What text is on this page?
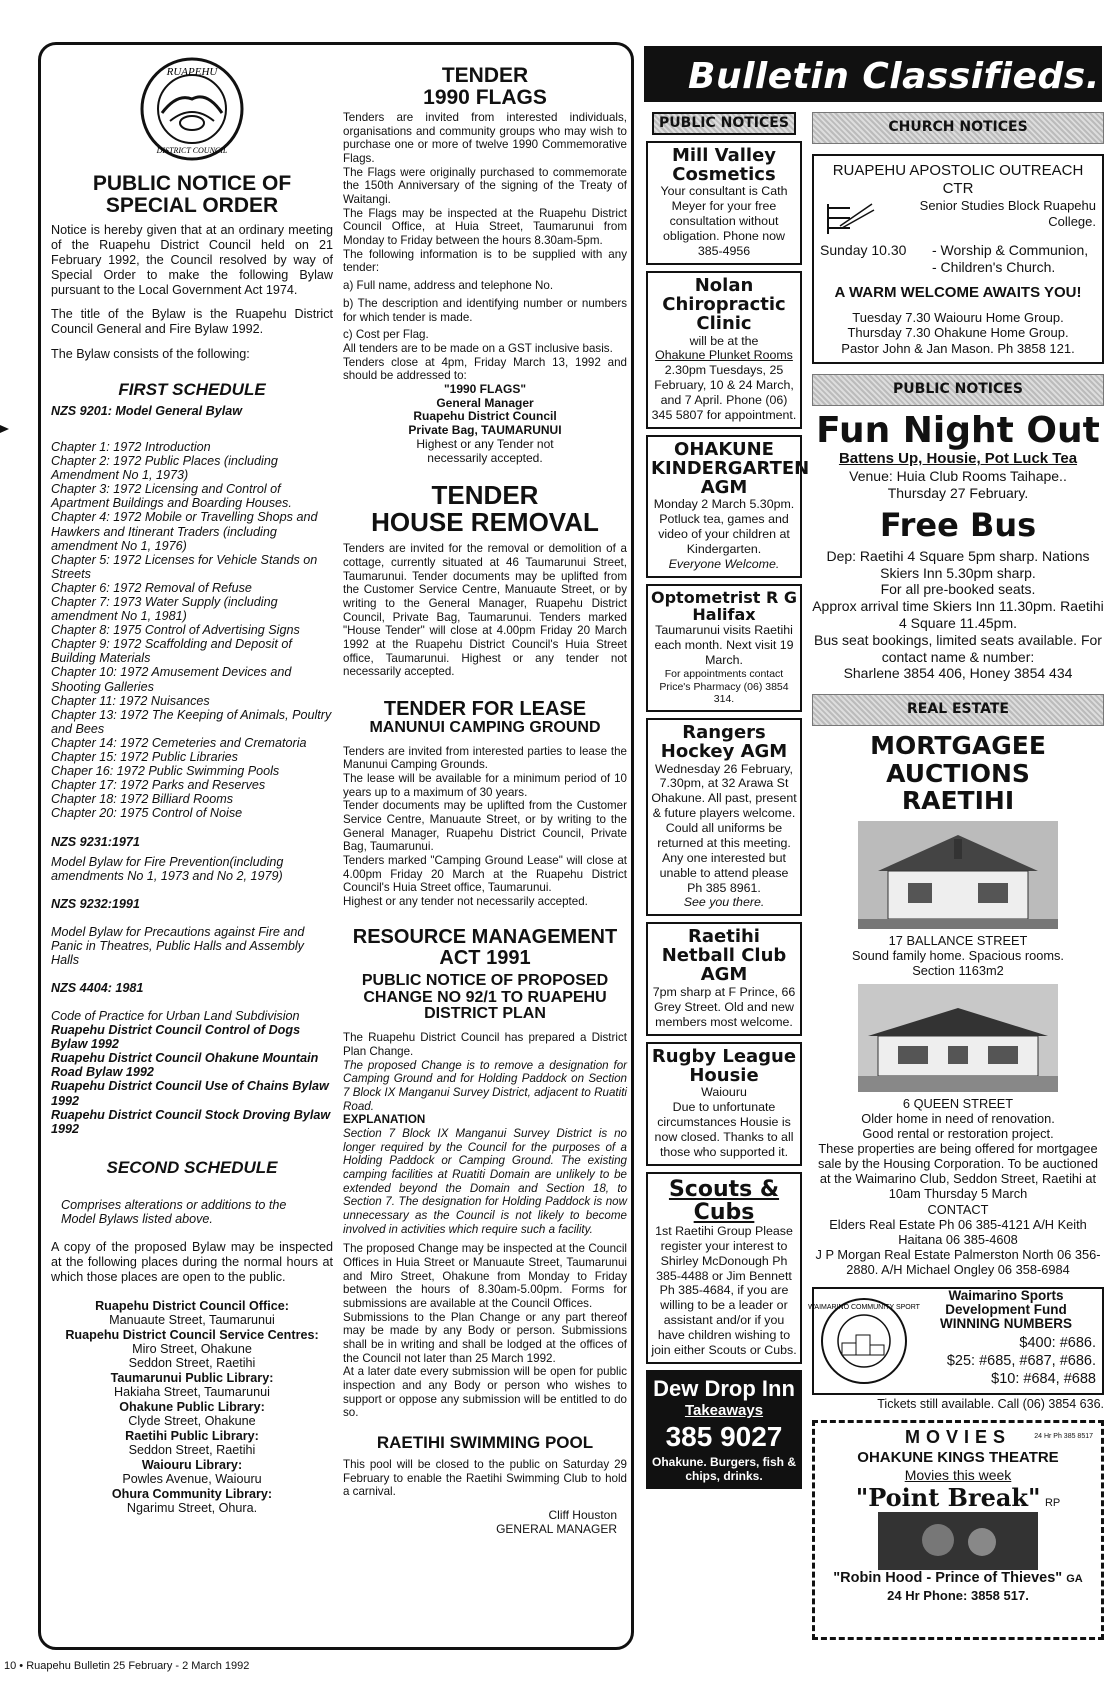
RUAPEHU
DISTRICT COUNCIL

PUBLIC NOTICE OF SPECIAL ORDER

Notice is hereby given that at an ordinary meeting of the Ruapehu District Council held on 21 February 1992, the Council resolved by way of Special Order to make the following Bylaw pursuant to the Local Government Act 1974.

The title of the Bylaw is the Ruapehu District Council General and Fire Bylaw 1992.

The Bylaw consists of the following:

FIRST SCHEDULE

NZS 9201: Model General Bylaw

Chapter 1: 1972 Introduction

Chapter 2: 1972 Public Places (including Amendment No 1, 1973)

Chapter 3: 1972 Licensing and Control of Apartment Buildings and Boarding Houses.

Chapter 4: 1972 Mobile or Travelling Shops and Hawkers and Itinerant Traders (including amendment No 1, 1976)

Chapter 5: 1972 Licenses for Vehicle Stands on Streets

Chapter 6: 1972 Removal of Refuse

Chapter 7: 1973 Water Supply (including amendment No 1, 1981)

Chapter 8: 1975 Control of Advertising Signs

Chapter 9: 1972 Scaffolding and Deposit of Building Materials

Chapter 10: 1972 Amusement Devices and Shooting Galleries

Chapter 11: 1972 Nuisances

Chapter 13: 1972 The Keeping of Animals, Poultry and Bees

Chapter 14: 1972 Cemeteries and Crematoria

Chapter 15: 1972 Public Libraries

Chaper 16: 1972 Public Swimming Pools

Chapter 17: 1972 Parks and Reserves

Chapter 18: 1972 Billiard Rooms

Chapter 20: 1975 Control of Noise

NZS 9231:1971

Model Bylaw for Fire Prevention(including amendments No 1, 1973 and No 2, 1979)

NZS 9232:1991

Model Bylaw for Precautions against Fire and Panic in Theatres, Public Halls and Assembly Halls

NZS 4404: 1981

Code of Practice for Urban Land Subdivision

Ruapehu District Council Control of Dogs Bylaw 1992

Ruapehu District Council Ohakune Mountain Road Bylaw 1992

Ruapehu District Council Use of Chains Bylaw 1992

Ruapehu District Council Stock Droving Bylaw 1992

SECOND SCHEDULE

Comprises alterations or additions to the Model Bylaws listed above.

A copy of the proposed Bylaw may be inspected at the following places during the normal hours at which those places are open to the public.

Ruapehu District Council Office:

Manuaute Street, Taumarunui

Ruapehu District Council Service Centres:

Miro Street, Ohakune

Seddon Street, Raetihi

Taumarunui Public Library:

Hakiaha Street, Taumarunui

Ohakune Public Library:

Clyde Street, Ohakune

Raetihi Public Library:

Seddon Street, Raetihi

Waiouru Library:

Powles Avenue, Waiouru

Ohura Community Library:

Ngarimu Street, Ohura.

TENDER

1990 FLAGS

Tenders are invited from interested individuals, organisations and community groups who may wish to purchase one or more of twelve 1990 Commemorative Flags.

The Flags were originally purchased to commemorate the 150th Anniversary of the signing of the Treaty of Waitangi.

The Flags may be inspected at the Ruapehu District Council Office, at Huia Street, Taumarunui from Monday to Friday between the hours 8.30am-5pm.

The following information is to be supplied with any tender:

a) Full name, address and telephone No.

b) The description and identifying number or numbers for which tender is made.

c) Cost per Flag.

All tenders are to be made on a GST inclusive basis.

Tenders close at 4pm, Friday March 13, 1992 and should be addressed to:

"1990 FLAGS"

General Manager

Ruapehu District Council

Private Bag, TAUMARUNUI

Highest or any Tender not necessarily accepted.

TENDER

HOUSE REMOVAL

Tenders are invited for the removal or demolition of a cottage, currently situated at 46 Taumarunui Street, Taumarunui. Tender documents may be uplifted from the Customer Service Centre, Manuaute Street, or by writing to the General Manager, Ruapehu District Council, Private Bag, Taumarunui. Tenders marked "House Tender" will close at 4.00pm Friday 20 March 1992 at the Ruapehu District Council's Huia Street office, Taumarunui. Highest or any tender not necessarily accepted.

TENDER FOR LEASE

MANUNUI CAMPING GROUND

Tenders are invited from interested parties to lease the Manunui Camping Grounds.

The lease will be available for a minimum period of 10 years up to a maximum of 30 years.

Tender documents may be uplifted from the Customer Service Centre, Manuaute Street, or by writing to the General Manager, Ruapehu District Council, Private Bag, Taumarunui.

Tenders marked "Camping Ground Lease" will close at 4.00pm Friday 20 March at the Ruapehu District Council's Huia Street office, Taumarunui.

Highest or any tender not necessarily accepted.

RESOURCE MANAGEMENT ACT 1991

PUBLIC NOTICE OF PROPOSED CHANGE NO 92/1 TO RUAPEHU DISTRICT PLAN

The Ruapehu District Council has prepared a District Plan Change.

The proposed Change is to remove a designation for Camping Ground and for Holding Paddock on Section 7 Block IX Manganui Survey District, adjacent to Ruatiti Road.

EXPLANATION

Section 7 Block IX Manganui Survey District is no longer required by the Council for the purposes of a Holding Paddock or Camping Ground. The existing camping facilities at Ruatiti Domain are unlikely to be extended beyond the Domain and Section 18, to Section 7. The designation for Holding Paddock is now unnecessary as the Council is not likely to become involved in activities which require such a facility.

The proposed Change may be inspected at the Council Offices in Huia Street or Manuaute Street, Taumarunui and Miro Street, Ohakune from Monday to Friday between the hours of 8.30am-5.00pm. Forms for submissions are available at the Council Offices.

Submissions to the Plan Change or any part thereof may be made by any Body or person. Submissions shall be in writing and shall be lodged at the offices of the Council not later than 25 March 1992.

At a later date every submission will be open for public inspection and any Body or person who wishes to support or oppose any submission will be entitled to do so.

RAETIHI SWIMMING POOL

This pool will be closed to the public on Saturday 29 February to enable the Raetihi Swimming Club to hold a carnival.

Cliff Houston

GENERAL MANAGER

10 • Ruapehu Bulletin 25 February - 2 March 1992
Bulletin Classifieds.
PUBLIC NOTICES

Mill Valley Cosmetics

Your consultant is Cath Meyer for your free consultation without obligation. Phone now 385-4956

Nolan Chiropractic Clinic

will be at the

Ohakune Plunket Rooms

2.30pm Tuesdays, 25 February, 10 & 24 March, and 7 April. Phone (06) 345 5807 for appointment.

OHAKUNE KINDERGARTEN AGM

Monday 2 March 5.30pm. Potluck tea, games and video of your children at Kindergarten.

Everyone Welcome.

Optometrist R G Halifax

Taumarunui visits Raetihi each month. Next visit 19 March.

For appointments contact Price's Pharmacy (06) 3854 314.

Rangers Hockey AGM

Wednesday 26 February, 7.30pm, at 32 Arawa St Ohakune. All past, present & future players welcome. Could all uniforms be returned at this meeting. Any one interested but unable to attend please Ph 385 8961.

See you there.

Raetihi Netball Club AGM

7pm sharp at F Prince, 66 Grey Street. Old and new members most welcome.

Rugby League Housie

Waiouru

Due to unfortunate circumstances Housie is now closed. Thanks to all those who supported it.

Scouts & Cubs

1st Raetihi Group Please register your interest to Shirley McDonough Ph 385-4488 or Jim Bennett Ph 385-4684, if you are willing to be a leader or assistant and/or if you have children wishing to join either Scouts or Cubs.

Dew Drop Inn

Takeaways

385 9027

Ohakune. Burgers, fish & chips, drinks.

CHURCH NOTICES

RUAPEHU APOSTOLIC OUTREACH CTR

Senior Studies Block Ruapehu College.

Sunday 10.30	- Worship & Communion,

- Children's Church.

A WARM WELCOME AWAITS YOU!

Tuesday 7.30 Waiouru Home Group.

Thursday 7.30 Ohakune Home Group.

Pastor John & Jan Mason. Ph 3858 121.

PUBLIC NOTICES

Fun Night Out

Battens Up, Housie, Pot Luck Tea

Venue: Huia Club Rooms Taihape..

Thursday 27 February.

Free Bus

Dep: Raetihi 4 Square 5pm sharp. Nations Skiers Inn 5.30pm sharp.

For all pre-booked seats.

Approx arrival time Skiers Inn 11.30pm. Raetihi 4 Square 11.45pm.

Bus seat bookings, limited seats available. For contact name & number:

Sharlene 3854 406, Honey 3854 434

REAL ESTATE

MORTGAGEE AUCTIONS RAETIHI

17 BALLANCE STREET

Sound family home. Spacious rooms. Section 1163m2

6 QUEEN STREET

Older home in need of renovation. Good rental or restoration project.

These properties are being offered for mortgagee sale by the Housing Corporation. To be auctioned at the Waimarino Club, Seddon Street, Raetihi at 10am Thursday 5 March

CONTACT

Elders Real Estate Ph 06 385-4121 A/H Keith Haitana 06 385-4608

J P Morgan Real Estate Palmerston North 06 356-2880. A/H Michael Ongley 06 358-6984

WAIMARINO COMMUNITY SPORT

Waimarino Sports Development Fund WINNING NUMBERS

$400: #686.

$25: #685, #687, #686.

$10: #684, #688

Tickets still available. Call (06) 3854 636.

MOVIES	24 Hr Ph 385 8517

OHAKUNE KINGS THEATRE

Movies this week

"Point Break" RP

"Robin Hood - Prince of Thieves" GA

24 Hr Phone: 3858 517.
